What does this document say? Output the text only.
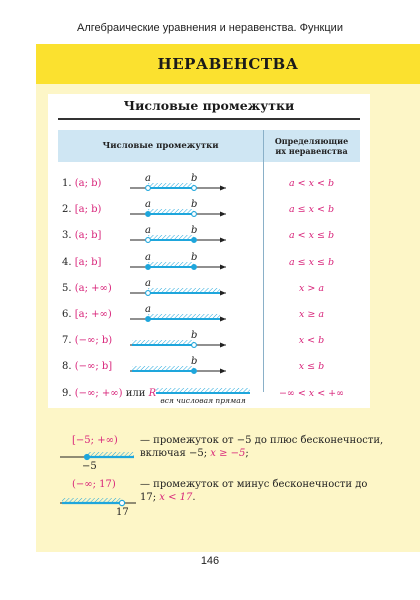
Алгебраические уравнения и неравенства. Функции
НЕРАВЕНСТВА
Числовые промежутки
Числовые промежутки	Определяющие
их неравенства
1. (a; b)	a < x < b
a	b
2. [a; b)	a ≤ x < b
a	b
3. (a; b]	a < x ≤ b
a	b
4. [a; b]	a ≤ x ≤ b
a	b
5. (a; +∞)	x > a
a
6. [a; +∞)	x ≥ a
a
7. (−∞; b)	x < b
b
8. (−∞; b]	x ≤ b
b
9. (−∞; +∞) или R	−∞ < x < +∞
вся числовая прямая
[−5; +∞)
−5
— промежуток от −5 до плюс бесконечности,
включая −5; x ≥ −5;
(−∞; 17)
17
— промежуток от минус бесконечности до
17; x < 17.
146
